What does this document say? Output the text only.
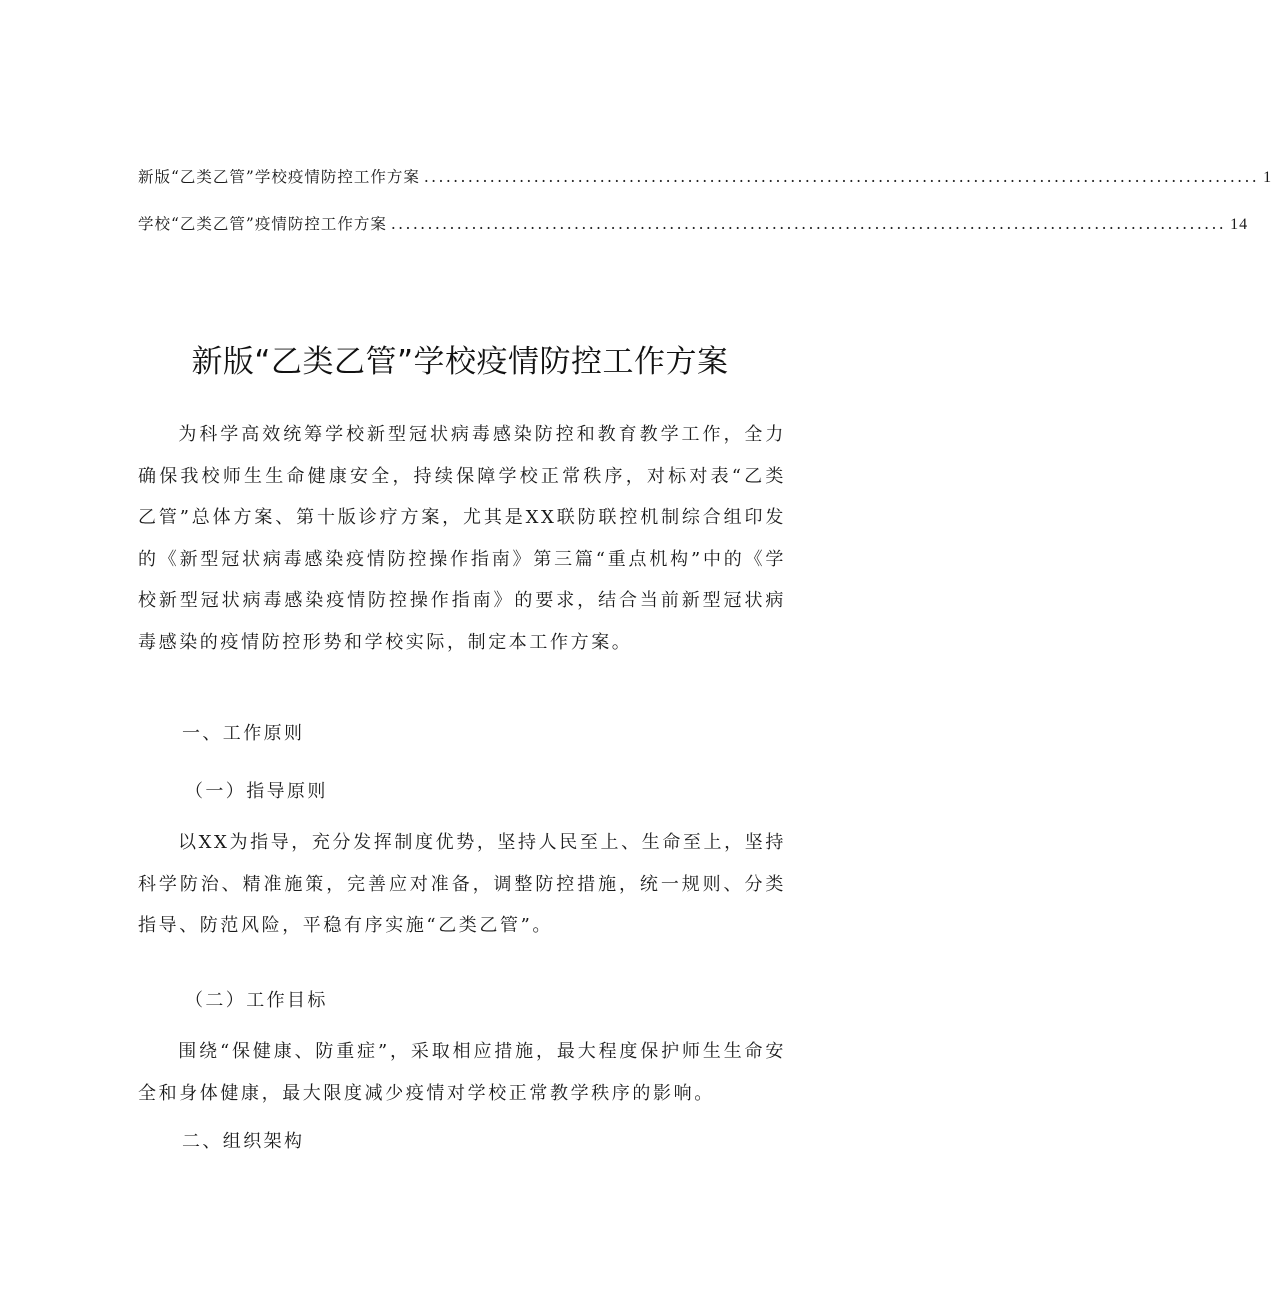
新版“乙类乙管”学校疫情防控工作方案 .................................................................................................................. 1
学校“乙类乙管”疫情防控工作方案 .................................................................................................................. 14
新版“乙类乙管”学校疫情防控工作方案
为科学高效统筹学校新型冠状病毒感染防控和教育教学工作，全力确保我校师生生命健康安全，持续保障学校正常秩序，对标对表“乙类乙管”总体方案、第十版诊疗方案，尤其是XX联防联控机制综合组印发的《新型冠状病毒感染疫情防控操作指南》第三篇“重点机构”中的《学校新型冠状病毒感染疫情防控操作指南》的要求，结合当前新型冠状病毒感染的疫情防控形势和学校实际，制定本工作方案。
一、工作原则
（一）指导原则
以XX为指导，充分发挥制度优势，坚持人民至上、生命至上，坚持科学防治、精准施策，完善应对准备，调整防控措施，统一规则、分类指导、防范风险，平稳有序实施“乙类乙管”。
（二）工作目标
围绕“保健康、防重症”，采取相应措施，最大程度保护师生生命安全和身体健康，最大限度减少疫情对学校正常教学秩序的影响。
二、组织架构
